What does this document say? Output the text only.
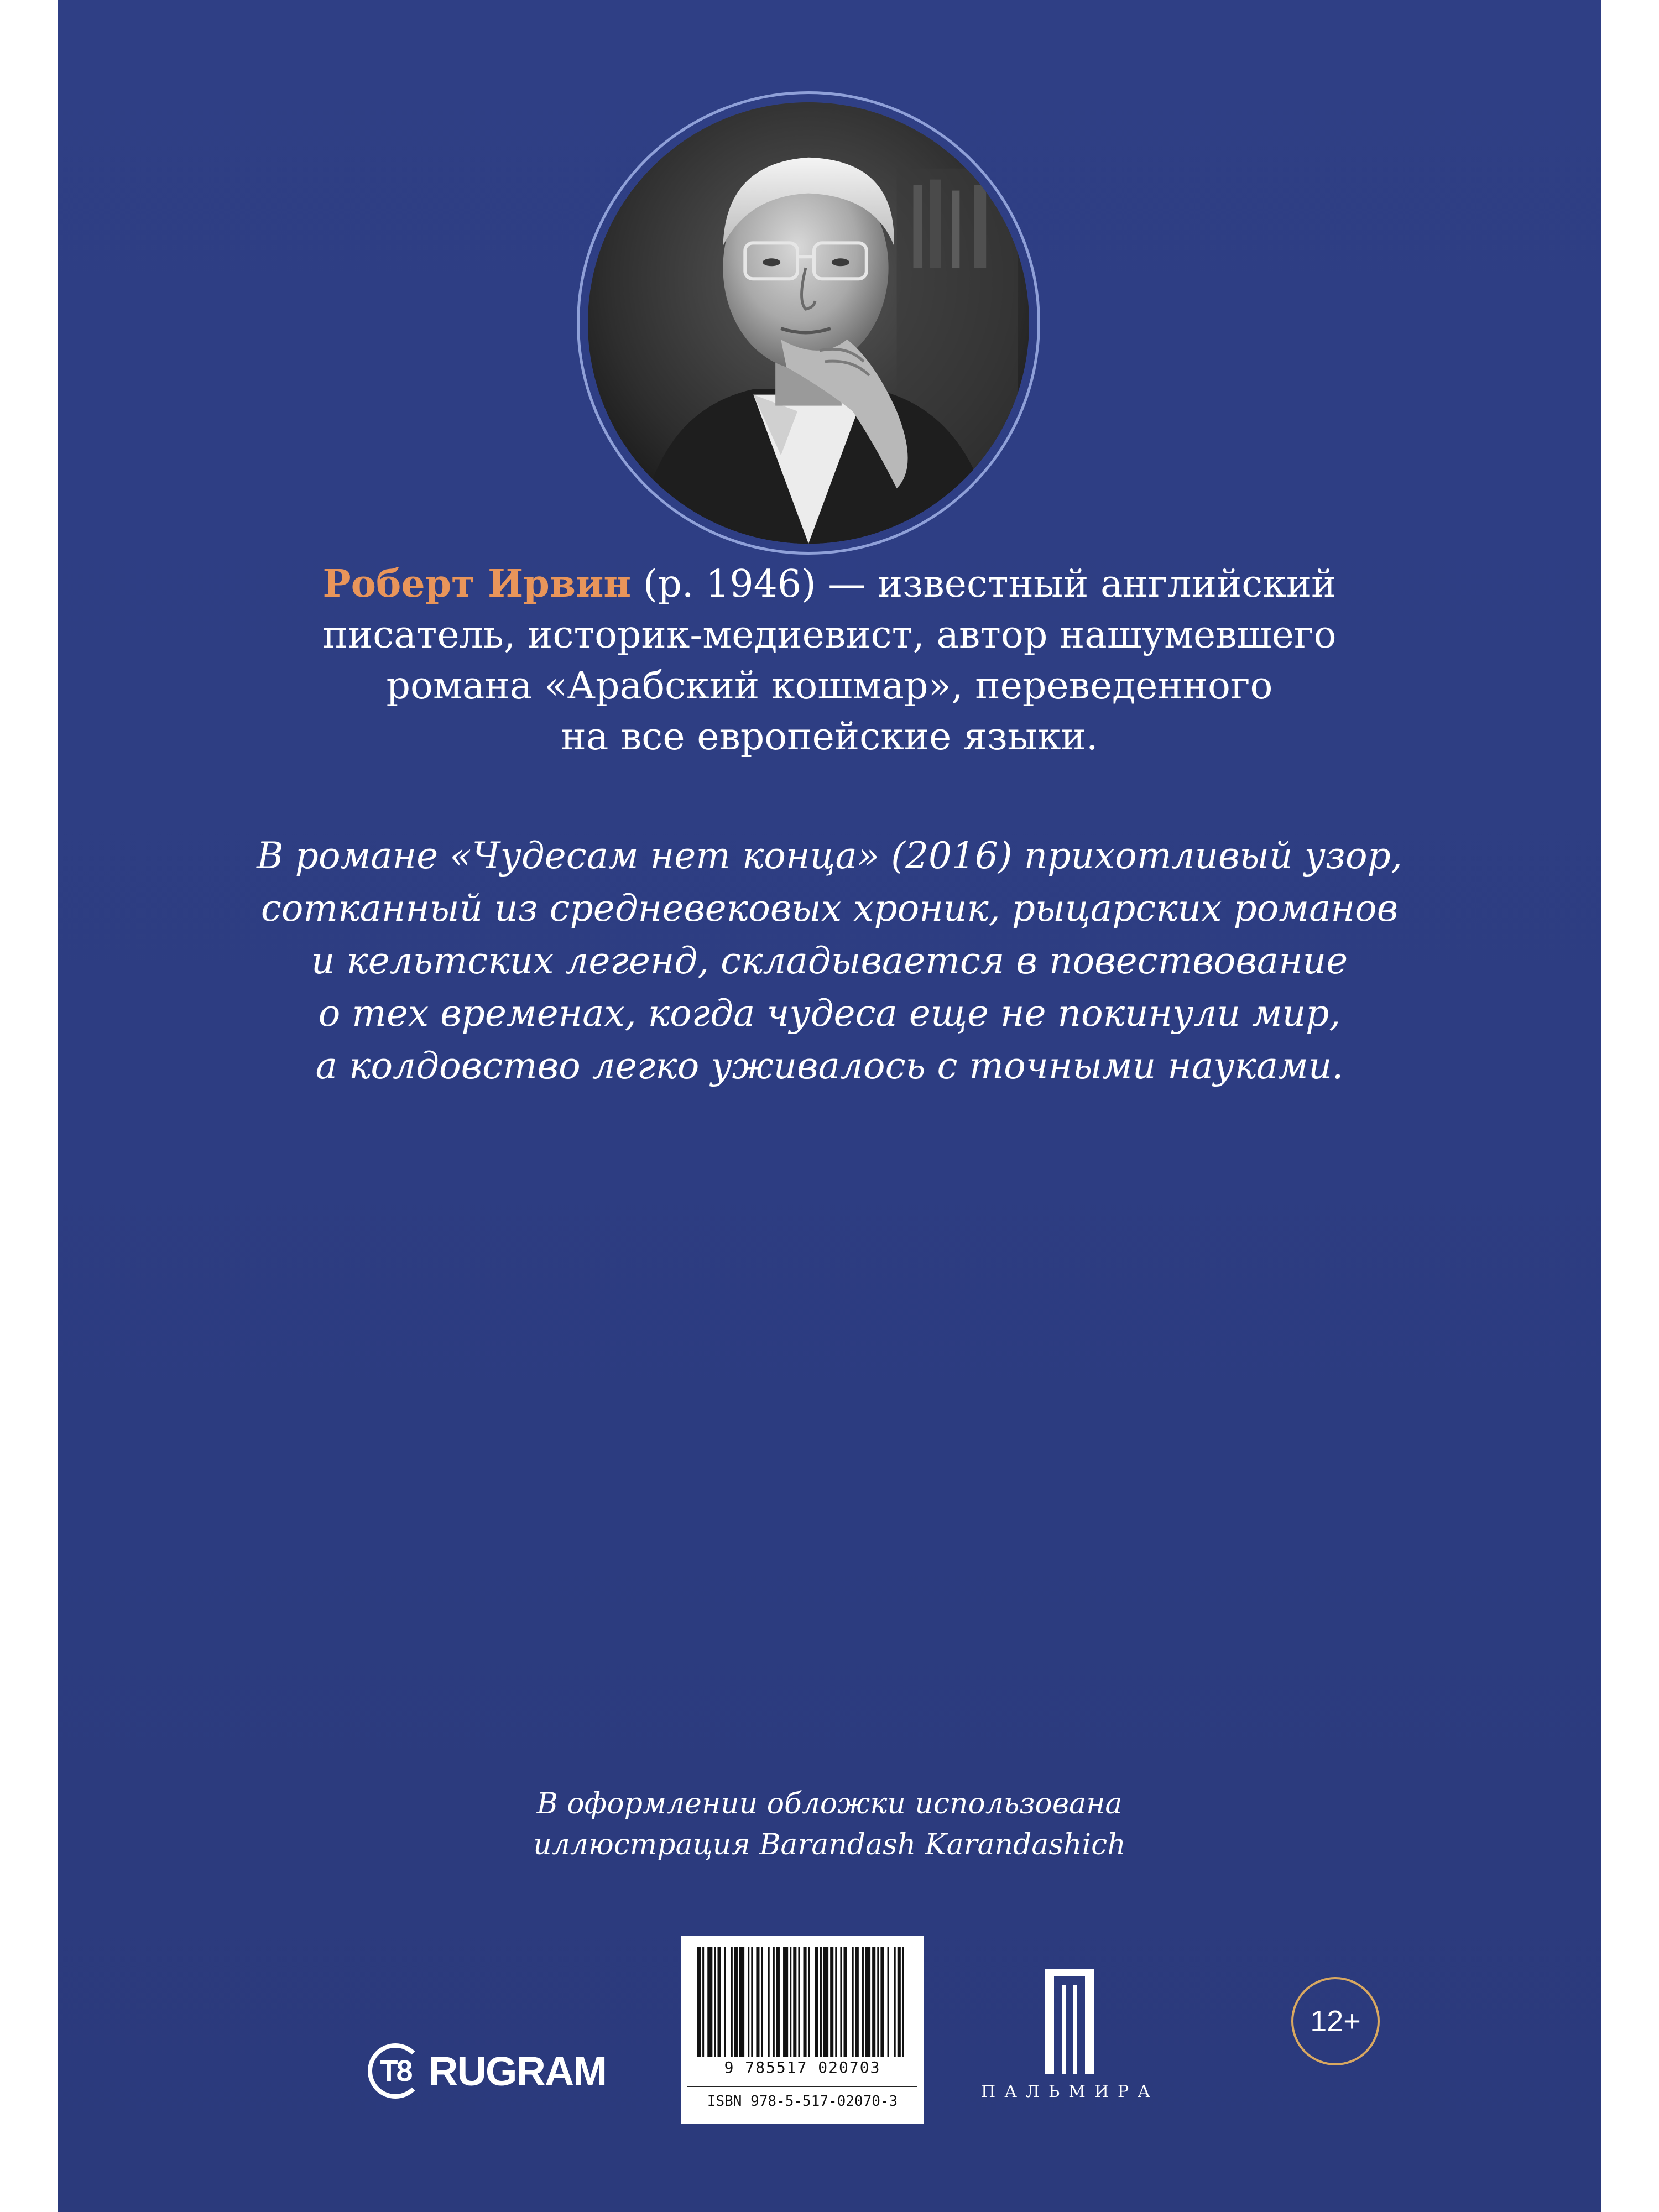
Роберт Ирвин (р. 1946) — известный английский
писатель, историк-медиевист, автор нашумевшего
романа «Арабский кошмар», переведенного
на все европейские языки.
В романе «Чудесам нет конца» (2016) прихотливый узор,
сотканный из средневековых хроник, рыцарских романов
и кельтских легенд, складывается в повествование
о тех временах, когда чудеса еще не покинули мир,
а колдовство легко уживалось с точными науками.
В оформлении обложки использована
иллюстрация Barandash Karandashich
T8 RUGRAM	9 785517 020703
ISBN 978-5-517-02070-3	ПАЛЬМИРА
12+
